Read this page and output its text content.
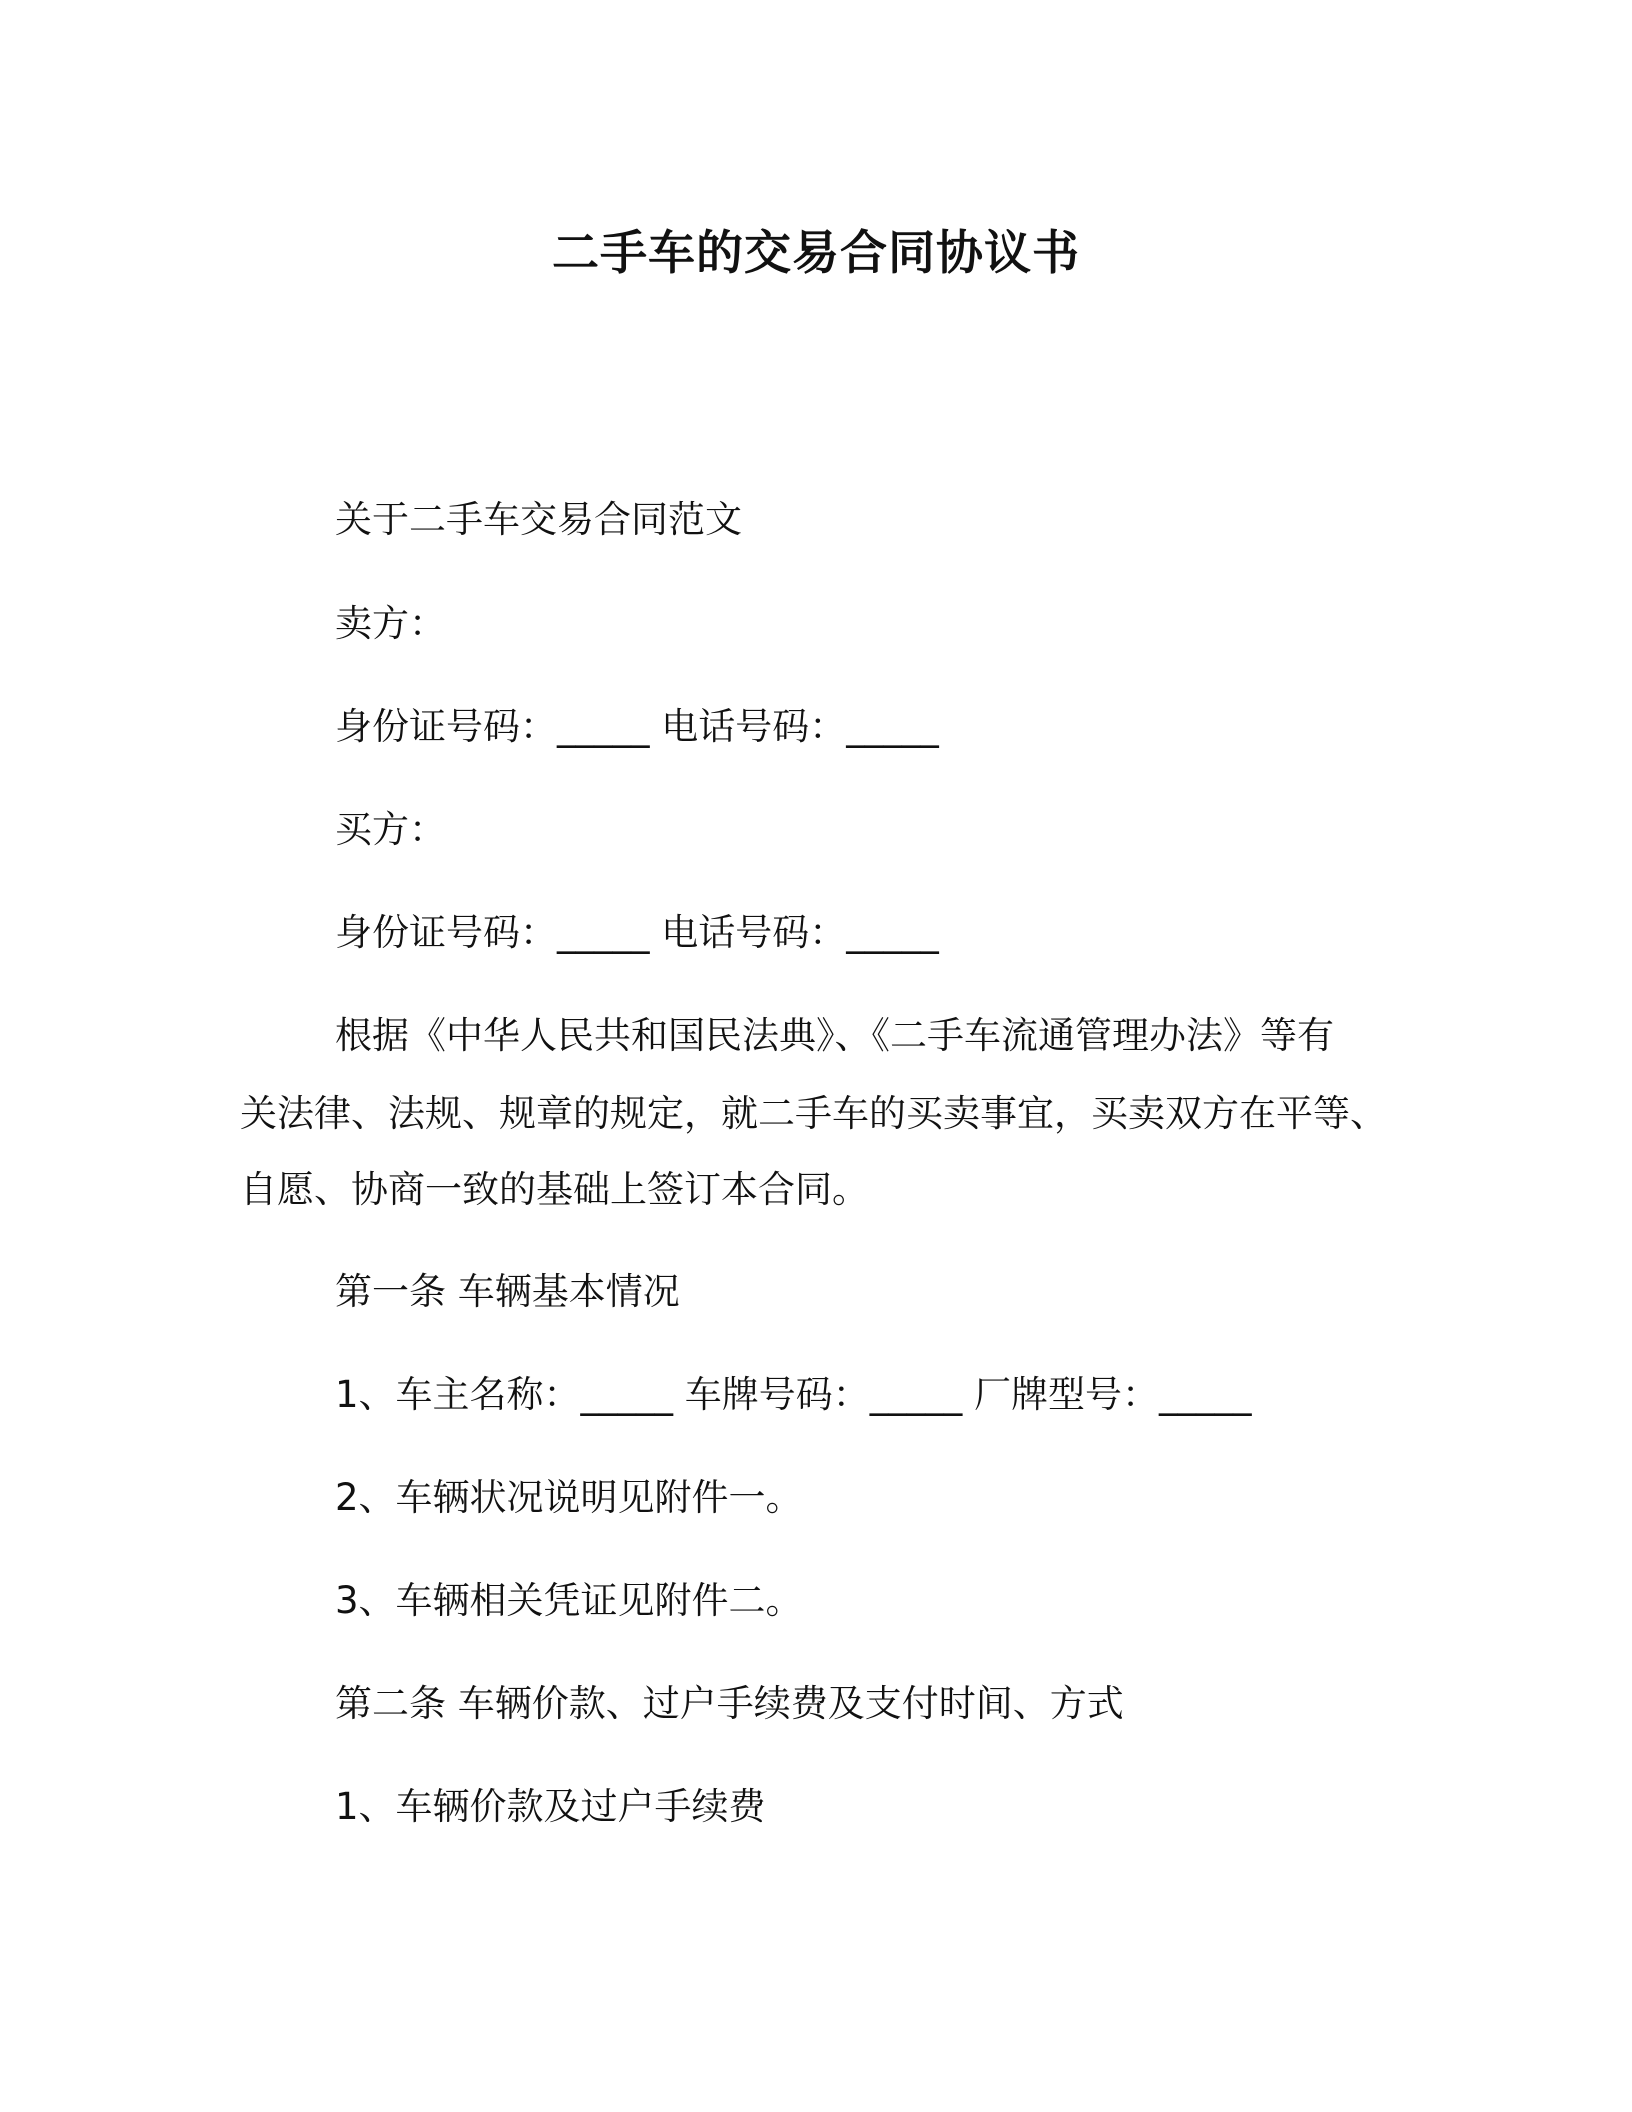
二手车的交易合同协议书
关于二手车交易合同范文
卖方：
身份证号码：_____ 电话号码：_____
买方：
身份证号码：_____ 电话号码：_____
根据《中华人民共和国民法典》、《二手车流通管理办法》等有
关法律、法规、规章的规定，就二手车的买卖事宜，买卖双方在平等、
自愿、协商一致的基础上签订本合同。
第一条 车辆基本情况
1、车主名称：_____ 车牌号码：_____ 厂牌型号：_____
2、车辆状况说明见附件一。
3、车辆相关凭证见附件二。
第二条 车辆价款、过户手续费及支付时间、方式
1、车辆价款及过户手续费
